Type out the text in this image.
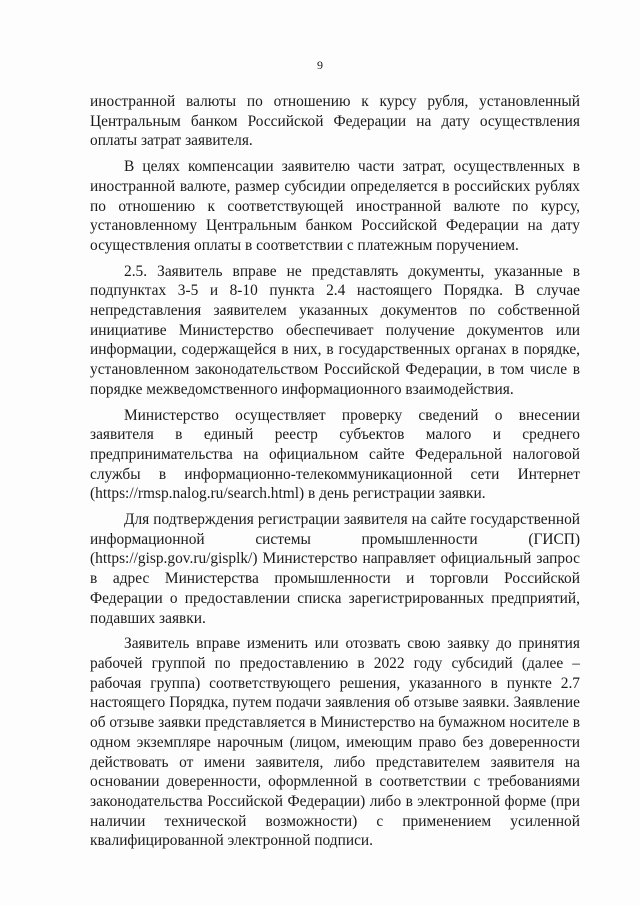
9

иностранной валюты по отношению к курсу рубля, установленный Центральным банком Российской Федерации на дату осуществления оплаты затрат заявителя.

В целях компенсации заявителю части затрат, осуществленных в иностранной валюте, размер субсидии определяется в российских рублях по отношению к соответствующей иностранной валюте по курсу, установленному Центральным банком Российской Федерации на дату осуществления оплаты в соответствии с платежным поручением.

2.5. Заявитель вправе не представлять документы, указанные в подпунктах 3-5 и 8-10 пункта 2.4 настоящего Порядка. В случае непредставления заявителем указанных документов по собственной инициативе Министерство обеспечивает получение документов или информации, содержащейся в них, в государственных органах в порядке, установленном законодательством Российской Федерации, в том числе в порядке межведомственного информационного взаимодействия.

Министерство осуществляет проверку сведений о внесении заявителя в единый реестр субъектов малого и среднего предпринимательства на официальном сайте Федеральной налоговой службы в информационно-телекоммуникационной сети Интернет (https://rmsp.nalog.ru/search.html) в день регистрации заявки.

Для подтверждения регистрации заявителя на сайте государственной информационной системы промышленности (ГИСП) (https://gisp.gov.ru/gisplk/) Министерство направляет официальный запрос в адрес Министерства промышленности и торговли Российской Федерации о предоставлении списка зарегистрированных предприятий, подавших заявки.

Заявитель вправе изменить или отозвать свою заявку до принятия рабочей группой по предоставлению в 2022 году субсидий (далее – рабочая группа) соответствующего решения, указанного в пункте 2.7 настоящего Порядка, путем подачи заявления об отзыве заявки. Заявление об отзыве заявки представляется в Министерство на бумажном носителе в одном экземпляре нарочным (лицом, имеющим право без доверенности действовать от имени заявителя, либо представителем заявителя на основании доверенности, оформленной в соответствии с требованиями законодательства Российской Федерации) либо в электронной форме (при наличии технической возможности) с применением усиленной квалифицированной электронной подписи.
